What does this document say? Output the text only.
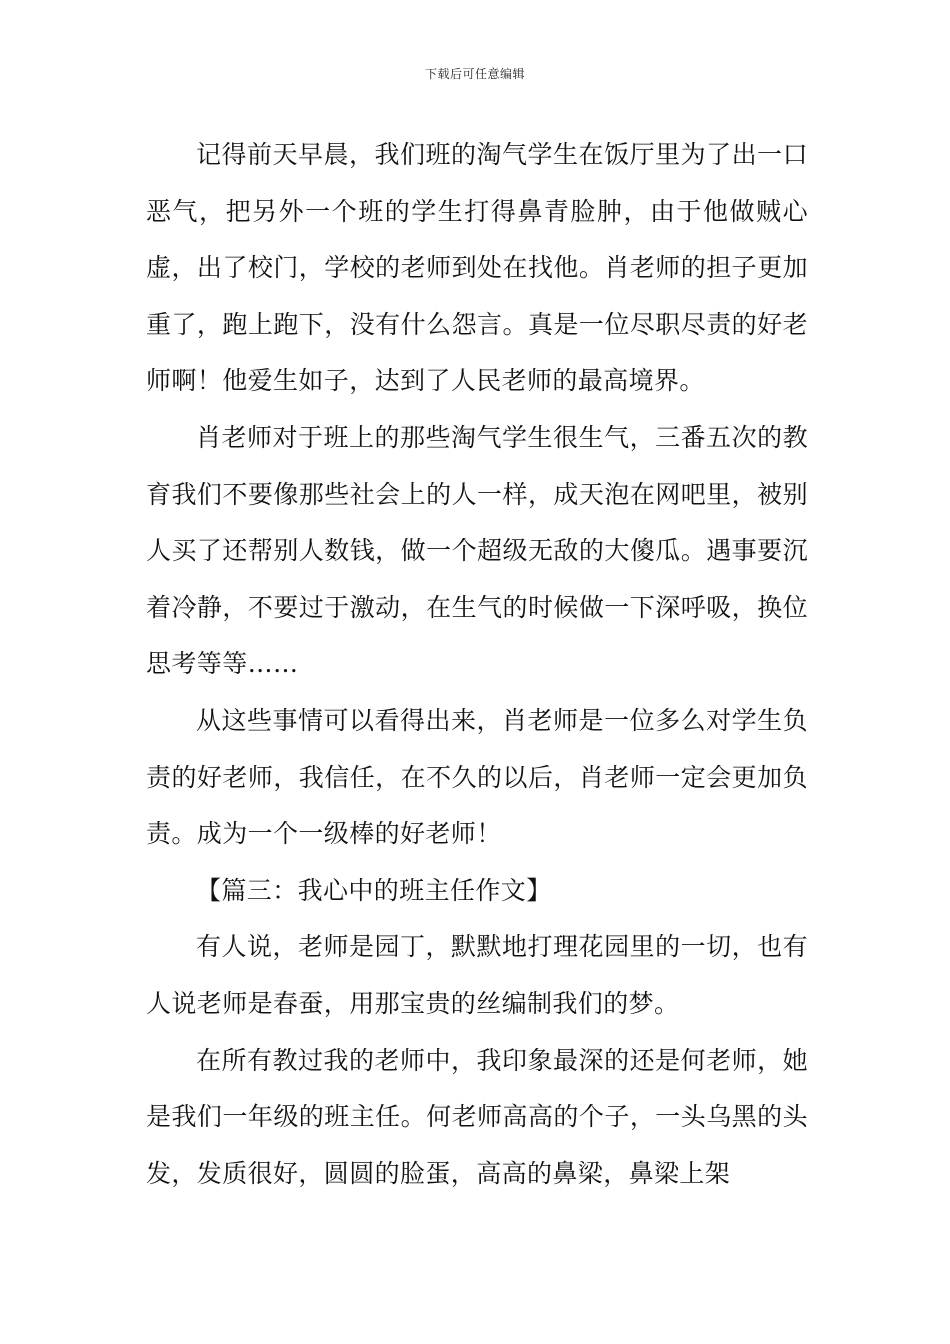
下载后可任意编辑

记得前天早晨，我们班的淘气学生在饭厅里为了出一口恶气，把另外一个班的学生打得鼻青脸肿，由于他做贼心虚，出了校门，学校的老师到处在找他。肖老师的担子更加重了，跑上跑下，没有什么怨言。真是一位尽职尽责的好老师啊！他爱生如子，达到了人民老师的最高境界。

肖老师对于班上的那些淘气学生很生气，三番五次的教育我们不要像那些社会上的人一样，成天泡在网吧里，被别人买了还帮别人数钱，做一个超级无敌的大傻瓜。遇事要沉着冷静，不要过于激动，在生气的时候做一下深呼吸，换位思考等等……

从这些事情可以看得出来，肖老师是一位多么对学生负责的好老师，我信任，在不久的以后，肖老师一定会更加负责。成为一个一级棒的好老师！

【篇三：我心中的班主任作文】

有人说，老师是园丁，默默地打理花园里的一切，也有人说老师是春蚕，用那宝贵的丝编制我们的梦。

在所有教过我的老师中，我印象最深的还是何老师，她是我们一年级的班主任。何老师高高的个子，一头乌黑的头发，发质很好，圆圆的脸蛋，高高的鼻梁，鼻梁上架
